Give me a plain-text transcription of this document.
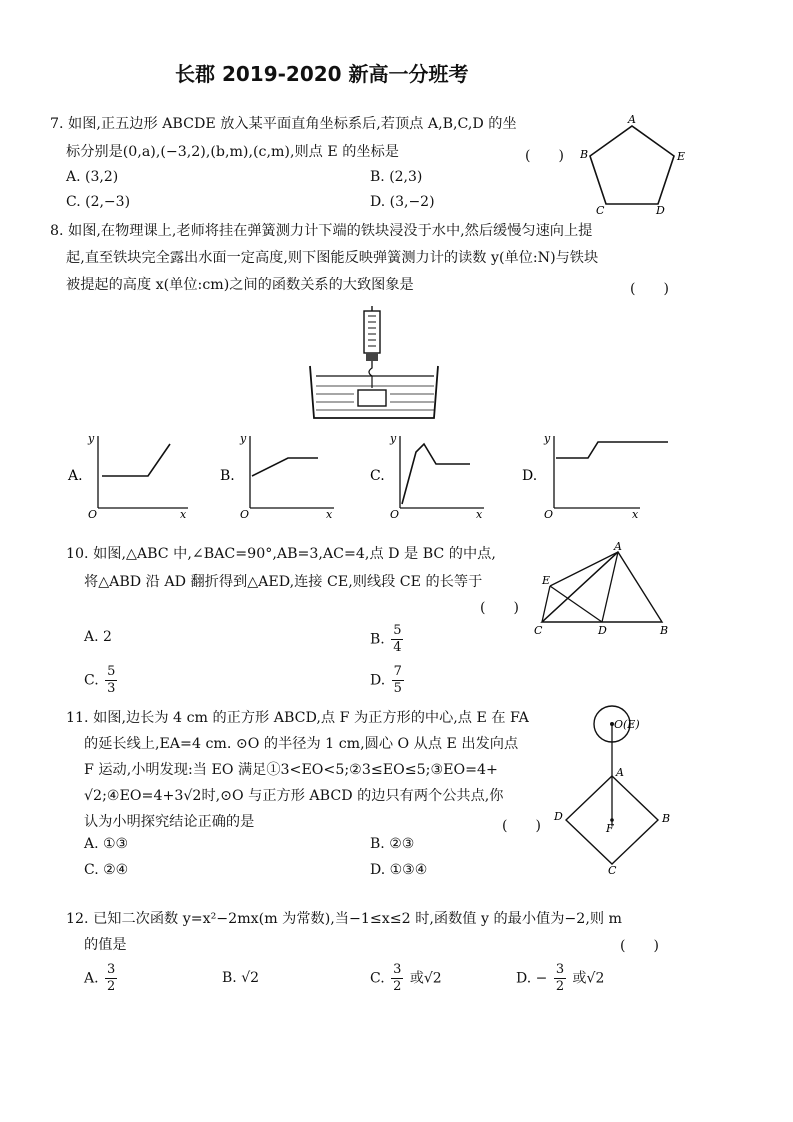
长郡 2019-2020 新高一分班考
7. 如图,正五边形 ABCDE 放入某平面直角坐标系后,若顶点 A,B,C,D 的坐
标分别是(0,a),(−3,2),(b,m),(c,m),则点 E 的坐标是	(　　)
A. (3,2)	B. (2,3)
C. (2,−3)	D. (3,−2)
A
B
C	D
E
8. 如图,在物理课上,老师将挂在弹簧测力计下端的铁块浸没于水中,然后缓慢匀速向上提
起,直至铁块完全露出水面一定高度,则下图能反映弹簧测力计的读数 y(单位:N)与铁块
被提起的高度 x(单位:cm)之间的函数关系的大致图象是	(　　)
y
x
O
A.
y
x
O
B.
y
x
O
C.
y
x
O
D.
10. 如图,△ABC 中,∠BAC=90°,AB=3,AC=4,点 D 是 BC 的中点,
将△ABD 沿 AD 翻折得到△AED,连接 CE,则线段 CE 的长等于
(　　)
A. 2	B. $\frac{5}{4}$
C. $\frac{5}{3}$	D. $\frac{7}{5}$
A
E
C	D	B
11. 如图,边长为 4 cm 的正方形 ABCD,点 F 为正方形的中心,点 E 在 FA
的延长线上,EA=4 cm. ⊙O 的半径为 1 cm,圆心 O 从点 E 出发向点
F 运动,小明发现:当 EO 满足①3<EO<5;②3≤EO≤5;③EO=4+
√2;④EO=4+3√2时,⊙O 与正方形 ABCD 的边只有两个公共点,你
认为小明探究结论正确的是	(　　)
A. ①③	B. ②③
C. ②④	D. ①③④
O(E)
A
D
F
B
C
12. 已知二次函数 y=x²−2mx(m 为常数),当−1≤x≤2 时,函数值 y 的最小值为−2,则 m
的值是	(　　)
A. $\frac{3}{2}$	B. √2	C. $\frac{3}{2}$ 或√2	D. − $\frac{3}{2}$ 或√2
